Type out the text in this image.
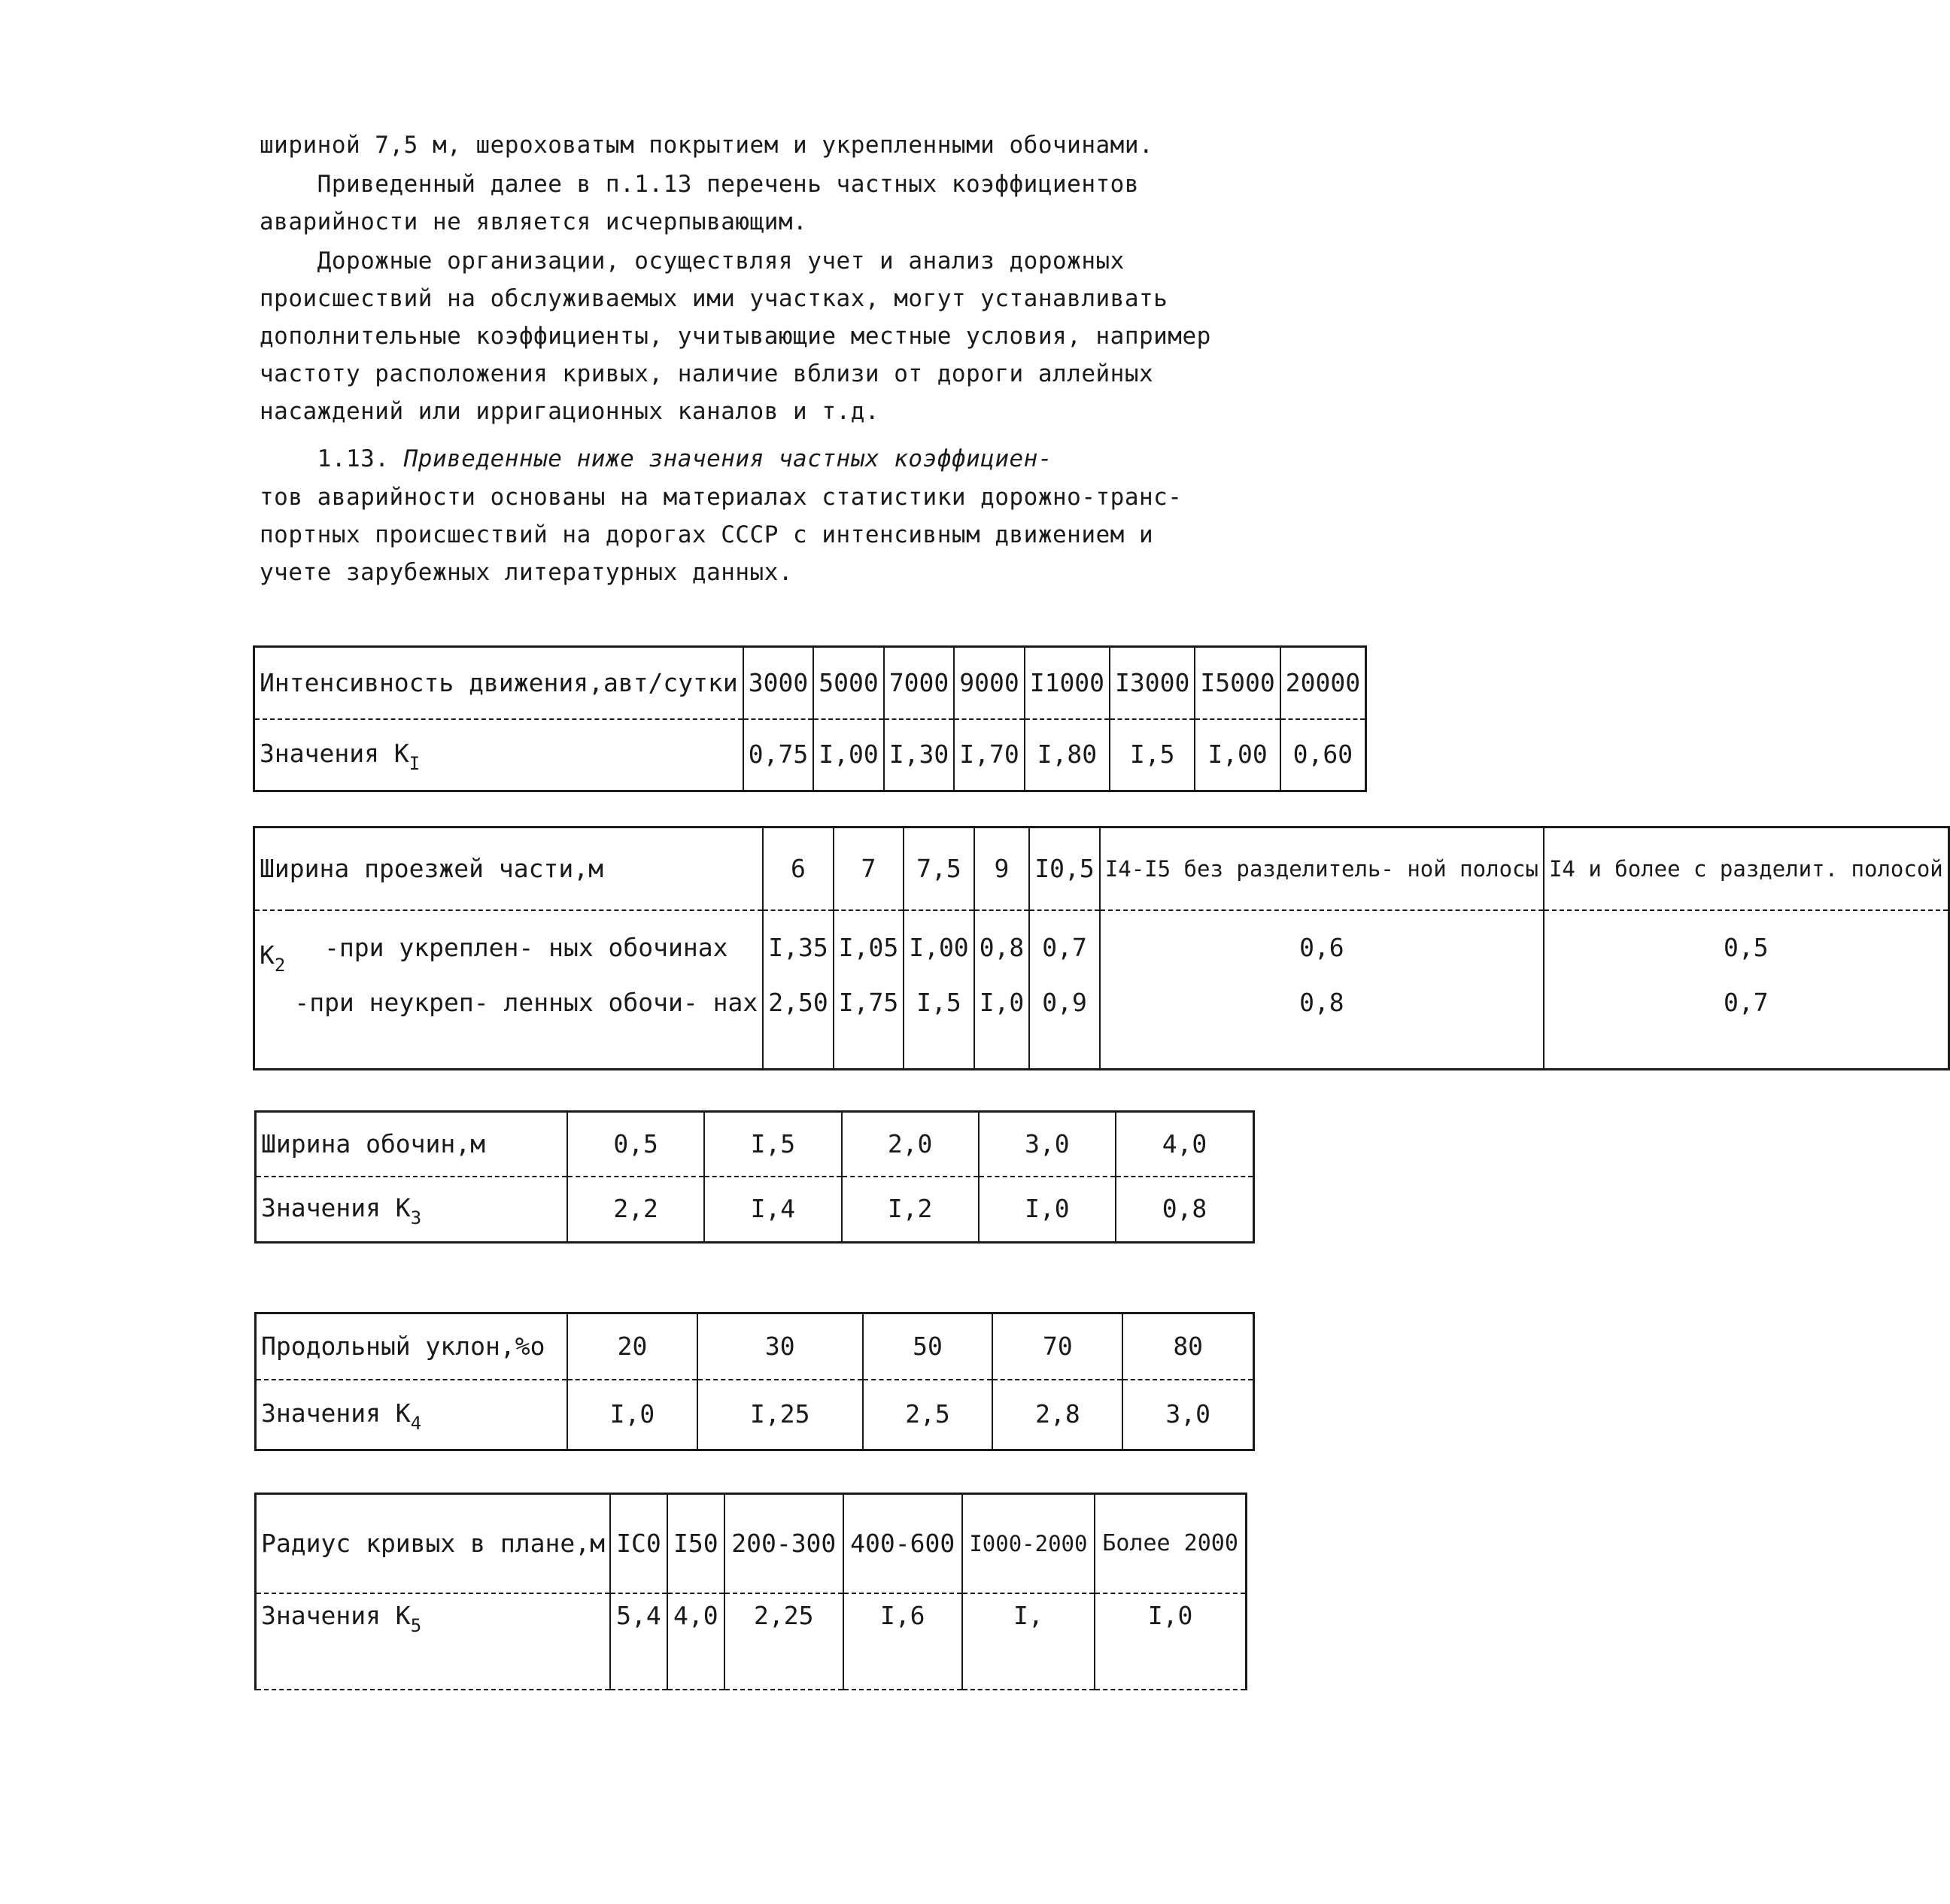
шириной 7,5 м, шероховатым покрытием и укрепленными обочинами.

Приведенный далее в п.1.13 перечень частных коэффициентов

аварийности не является исчерпывающим.

Дорожные организации, осуществляя учет и анализ дорожных

происшествий на обслуживаемых ими участках, могут устанавливать

дополнительные коэффициенты, учитывающие местные условия, например

частоту расположения кривых, наличие вблизи от дороги аллейных

насаждений или ирригационных каналов и т.д.

1.13. Приведенные ниже значения частных коэффициен-

тов аварийности основаны на материалах статистики дорожно-транс-

портных происшествий на дорогах СССР с интенсивным движением и

учете зарубежных литературных данных.

Интенсивность движения,авт/сутки	3000	5000	7000	9000	I1000	I3000	I5000	20000
Значения $К_I$	0,75	I,00	I,30	I,70	I,80	I,5	I,00	0,60
Ширина проезжей части,м		6	7	7,5	9	I0,5	I4-I5 без разделитель- ной полосы	I4 и более с разделит. полосой
$К_2$	-при укреплен- ных обочинах	I,35	I,05	I,00	0,8	0,7	0,6	0,5
	-при неукреп- ленных обочи- нах	2,50	I,75	I,5	I,0	0,9	0,8	0,7
Ширина обочин,м	0,5	I,5	2,0	3,0	4,0
Значения $К_3$	2,2	I,4	I,2	I,0	0,8
Продольный уклон,%о	20	30	50	70	80
Значения $К_4$	I,0	I,25	2,5	2,8	3,0
Радиус кривых в плане,м	IC0	I50	200-300	400-600	I000-2000	Более 2000
Значения $К_5$	5,4	4,0	2,25	I,6	I,	I,0
